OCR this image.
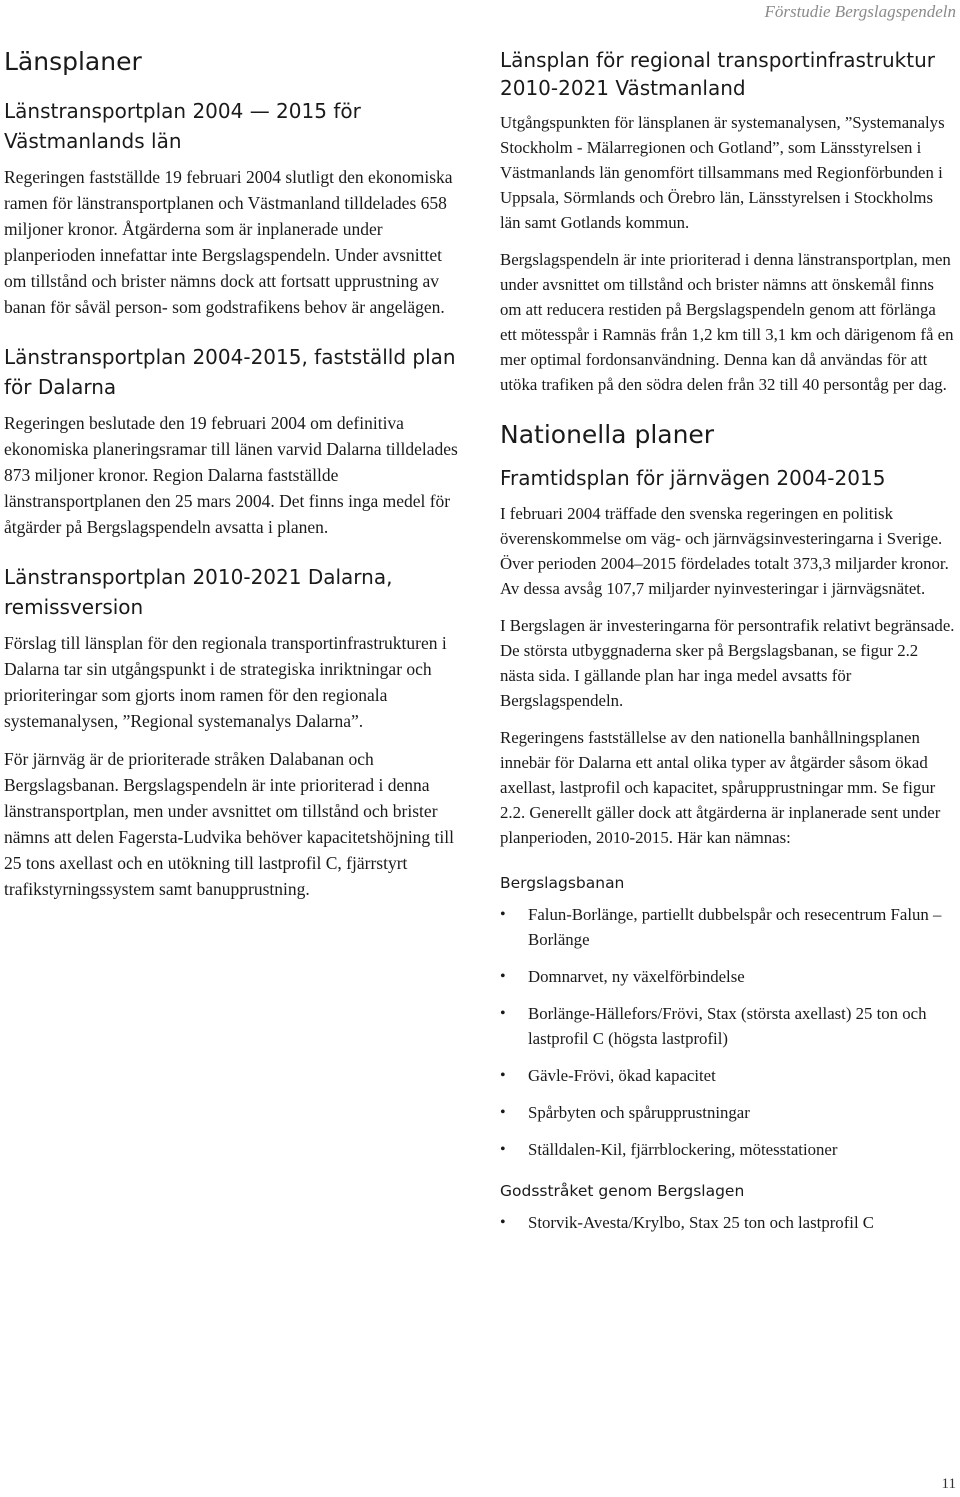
Förstudie Bergslagspendeln
Länsplaner
Länstransportplan 2004 — 2015 för Västmanlands län

Regeringen fastställde 19 februari 2004 slutligt den ekonomiska ramen för länstransportplanen och Västmanland tilldelades 658 miljoner kronor. Åtgärderna som är inplanerade under planperioden innefattar inte Bergslagspendeln. Under avsnittet om tillstånd och brister nämns dock att fortsatt upprustning av banan för såväl person- som godstrafikens behov är angelägen.

Länstransportplan 2004-2015, fastställd plan för Dalarna

Regeringen beslutade den 19 februari 2004 om definitiva ekonomiska planeringsramar till länen varvid Dalarna tilldelades 873 miljoner kronor. Region Dalarna fastställde länstransportplanen den 25 mars 2004. Det finns inga medel för åtgärder på Bergslagspendeln avsatta i planen.

Länstransportplan 2010-2021 Dalarna, remissversion

Förslag till länsplan för den regionala transportinfrastrukturen i Dalarna tar sin utgångspunkt i de strategiska inriktningar och prioriteringar som gjorts inom ramen för den regionala systemanalysen, ”Regional systemanalys Dalarna”.

För järnväg är de prioriterade stråken Dalabanan och Bergslagsbanan. Bergslagspendeln är inte prioriterad i denna länstransportplan, men under avsnittet om tillstånd och brister nämns att delen Fagersta-Ludvika behöver kapacitetshöjning till 25 tons axellast och en utökning till lastprofil C, fjärrstyrt trafikstyrningssystem samt banupprustning.

Länsplan för regional transportinfrastruktur 2010-2021 Västmanland

Utgångspunkten för länsplanen är systemanalysen, ”Systemanalys Stockholm - Mälarregionen och Gotland”, som Länsstyrelsen i Västmanlands län genomfört tillsammans med Regionförbunden i Uppsala, Sörmlands och Örebro län, Länsstyrelsen i Stockholms län samt Gotlands kommun.

Bergslagspendeln är inte prioriterad i denna länstransportplan, men under avsnittet om tillstånd och brister nämns att önskemål finns om att reducera restiden på Bergslagspendeln genom att förlänga ett mötesspår i Ramnäs från 1,2 km till 3,1 km och därigenom få en mer optimal fordonsanvändning. Denna kan då användas för att utöka trafiken på den södra delen från 32 till 40 persontåg per dag.

Nationella planer
Framtidsplan för järnvägen 2004-2015

I februari 2004 träffade den svenska regeringen en politisk överenskommelse om väg- och järnvägsinvesteringarna i Sverige. Över perioden 2004–2015 fördelades totalt 373,3 miljarder kronor. Av dessa avsåg 107,7 miljarder nyinvesteringar i järnvägsnätet.

I Bergslagen är investeringarna för persontrafik relativt begränsade. De största utbyggnaderna sker på Bergslagsbanan, se figur 2.2 nästa sida. I gällande plan har inga medel avsatts för Bergslagspendeln.

Regeringens fastställelse av den nationella banhållningsplanen innebär för Dalarna ett antal olika typer av åtgärder såsom ökad axellast, lastprofil och kapacitet, spårupprustningar mm. Se figur 2.2. Generellt gäller dock att åtgärderna är inplanerade sent under planperioden, 2010-2015. Här kan nämnas:

Bergslagsbanan
• Falun-Borlänge, partiellt dubbelspår och resecentrum Falun – Borlänge
• Domnarvet, ny växelförbindelse
• Borlänge-Hällefors/Frövi, Stax (största axellast) 25 ton och lastprofil C (högsta lastprofil)
• Gävle-Frövi, ökad kapacitet
• Spårbyten och spårupprustningar
• Ställdalen-Kil, fjärrblockering, mötesstationer
Godsstråket genom Bergslagen
• Storvik-Avesta/Krylbo, Stax 25 ton och lastprofil C
11
